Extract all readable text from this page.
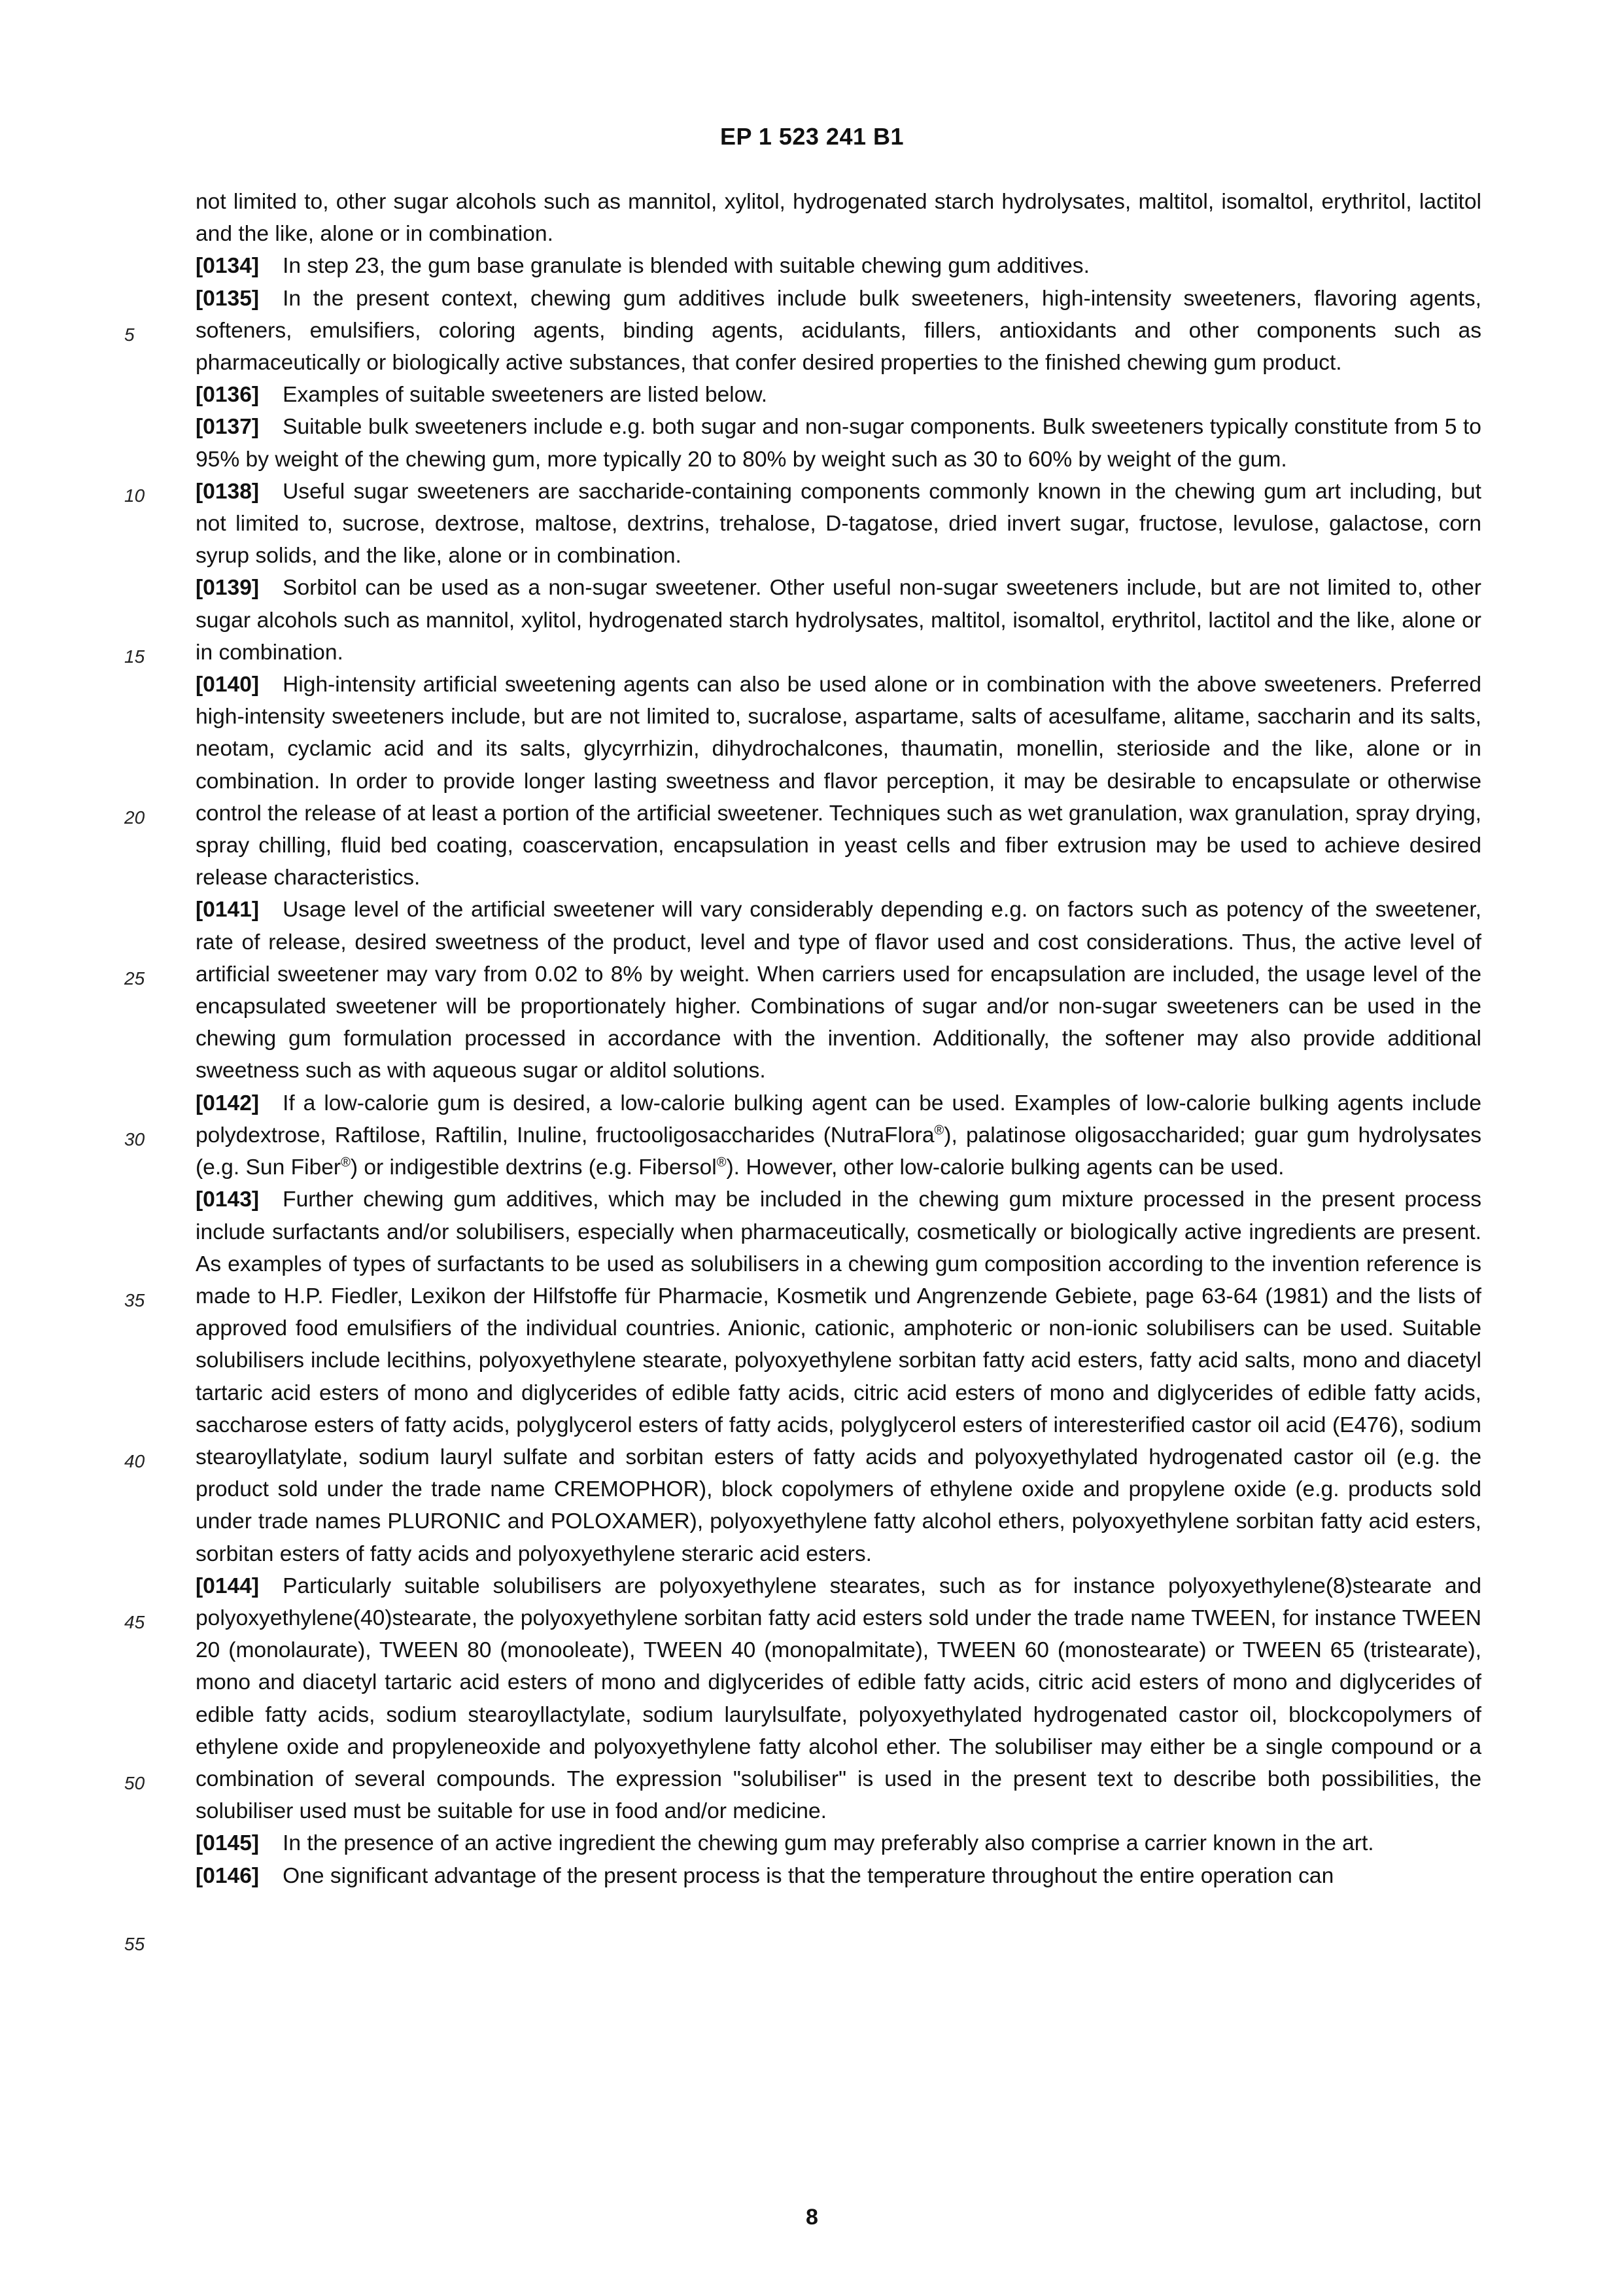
EP 1 523 241 B1
5
10
15
20
25
30
35
40
45
50
55

not limited to, other sugar alcohols such as mannitol, xylitol, hydrogenated starch hydrolysates, maltitol, isomaltol, erythritol, lactitol and the like, alone or in combination.

[0134] In step 23, the gum base granulate is blended with suitable chewing gum additives.

[0135] In the present context, chewing gum additives include bulk sweeteners, high-intensity sweeteners, flavoring agents, softeners, emulsifiers, coloring agents, binding agents, acidulants, fillers, antioxidants and other components such as pharmaceutically or biologically active substances, that confer desired properties to the finished chewing gum product.

[0136] Examples of suitable sweeteners are listed below.

[0137] Suitable bulk sweeteners include e.g. both sugar and non-sugar components. Bulk sweeteners typically constitute from 5 to 95% by weight of the chewing gum, more typically 20 to 80% by weight such as 30 to 60% by weight of the gum.

[0138] Useful sugar sweeteners are saccharide-containing components commonly known in the chewing gum art including, but not limited to, sucrose, dextrose, maltose, dextrins, trehalose, D-tagatose, dried invert sugar, fructose, levulose, galactose, corn syrup solids, and the like, alone or in combination.

[0139] Sorbitol can be used as a non-sugar sweetener. Other useful non-sugar sweeteners include, but are not limited to, other sugar alcohols such as mannitol, xylitol, hydrogenated starch hydrolysates, maltitol, isomaltol, erythritol, lactitol and the like, alone or in combination.

[0140] High-intensity artificial sweetening agents can also be used alone or in combination with the above sweeteners. Preferred high-intensity sweeteners include, but are not limited to, sucralose, aspartame, salts of acesulfame, alitame, saccharin and its salts, neotam, cyclamic acid and its salts, glycyrrhizin, dihydrochalcones, thaumatin, monellin, sterioside and the like, alone or in combination. In order to provide longer lasting sweetness and flavor perception, it may be desirable to encapsulate or otherwise control the release of at least a portion of the artificial sweetener. Techniques such as wet granulation, wax granulation, spray drying, spray chilling, fluid bed coating, coascervation, encapsulation in yeast cells and fiber extrusion may be used to achieve desired release characteristics.

[0141] Usage level of the artificial sweetener will vary considerably depending e.g. on factors such as potency of the sweetener, rate of release, desired sweetness of the product, level and type of flavor used and cost considerations. Thus, the active level of artificial sweetener may vary from 0.02 to 8% by weight. When carriers used for encapsulation are included, the usage level of the encapsulated sweetener will be proportionately higher. Combinations of sugar and/or non-sugar sweeteners can be used in the chewing gum formulation processed in accordance with the invention. Additionally, the softener may also provide additional sweetness such as with aqueous sugar or alditol solutions.

[0142] If a low-calorie gum is desired, a low-calorie bulking agent can be used. Examples of low-calorie bulking agents include polydextrose, Raftilose, Raftilin, Inuline, fructooligosaccharides (NutraFlora®), palatinose oligosaccharided; guar gum hydrolysates (e.g. Sun Fiber®) or indigestible dextrins (e.g. Fibersol®). However, other low-calorie bulking agents can be used.

[0143] Further chewing gum additives, which may be included in the chewing gum mixture processed in the present process include surfactants and/or solubilisers, especially when pharmaceutically, cosmetically or biologically active ingredients are present. As examples of types of surfactants to be used as solubilisers in a chewing gum composition according to the invention reference is made to H.P. Fiedler, Lexikon der Hilfstoffe für Pharmacie, Kosmetik und Angrenzende Gebiete, page 63-64 (1981) and the lists of approved food emulsifiers of the individual countries. Anionic, cationic, amphoteric or non-ionic solubilisers can be used. Suitable solubilisers include lecithins, polyoxyethylene stearate, polyoxyethylene sorbitan fatty acid esters, fatty acid salts, mono and diacetyl tartaric acid esters of mono and diglycerides of edible fatty acids, citric acid esters of mono and diglycerides of edible fatty acids, saccharose esters of fatty acids, polyglycerol esters of fatty acids, polyglycerol esters of interesterified castor oil acid (E476), sodium stearoyllatylate, sodium lauryl sulfate and sorbitan esters of fatty acids and polyoxyethylated hydrogenated castor oil (e.g. the product sold under the trade name CREMOPHOR), block copolymers of ethylene oxide and propylene oxide (e.g. products sold under trade names PLURONIC and POLOXAMER), polyoxyethylene fatty alcohol ethers, polyoxyethylene sorbitan fatty acid esters, sorbitan esters of fatty acids and polyoxyethylene steraric acid esters.

[0144] Particularly suitable solubilisers are polyoxyethylene stearates, such as for instance polyoxyethylene(8)stearate and polyoxyethylene(40)stearate, the polyoxyethylene sorbitan fatty acid esters sold under the trade name TWEEN, for instance TWEEN 20 (monolaurate), TWEEN 80 (monooleate), TWEEN 40 (monopalmitate), TWEEN 60 (monostearate) or TWEEN 65 (tristearate), mono and diacetyl tartaric acid esters of mono and diglycerides of edible fatty acids, citric acid esters of mono and diglycerides of edible fatty acids, sodium stearoyllactylate, sodium laurylsulfate, polyoxyethylated hydrogenated castor oil, blockcopolymers of ethylene oxide and propyleneoxide and polyoxyethylene fatty alcohol ether. The solubiliser may either be a single compound or a combination of several compounds. The expression "solubiliser" is used in the present text to describe both possibilities, the solubiliser used must be suitable for use in food and/or medicine.

[0145] In the presence of an active ingredient the chewing gum may preferably also comprise a carrier known in the art.

[0146] One significant advantage of the present process is that the temperature throughout the entire operation can

8
